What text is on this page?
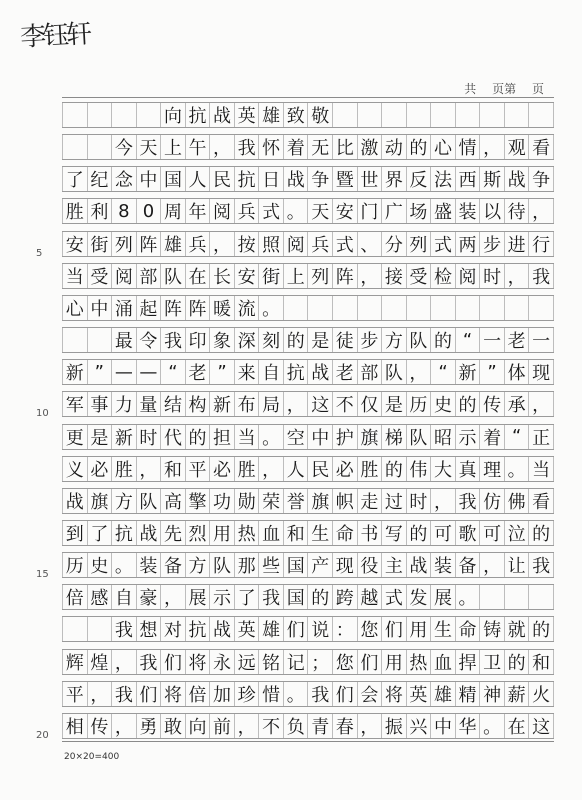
李钰轩
共 页第 页
向 抗 战 英 雄 致 敬
今 天 上 午 ， 我 怀 着 无 比 激 动 的 心 情 ， 观 看
了 纪 念 中 国 人 民 抗 日 战 争 暨 世 界 反 法 西 斯 战 争
胜 利 8 0 周 年 阅 兵 式 。 天 安 门 广 场 盛 装 以 待 ，
安 街 列 阵 雄 兵 ， 按 照 阅 兵 式 、 分 列 式 两 步 进 行
当 受 阅 部 队 在 长 安 街 上 列 阵 ， 接 受 检 阅 时 ， 我
心 中 涌 起 阵 阵 暖 流 。
最 令 我 印 象 深 刻 的 是 徒 步 方 队 的 “ 一 老 一
新 ” — — “ 老 ” 来 自 抗 战 老 部 队 ， “ 新 ” 体 现
军 事 力 量 结 构 新 布 局 ， 这 不 仅 是 历 史 的 传 承 ，
更 是 新 时 代 的 担 当 。 空 中 护 旗 梯 队 昭 示 着 “ 正
义 必 胜 ， 和 平 必 胜 ， 人 民 必 胜 的 伟 大 真 理 。 当
战 旗 方 队 高 擎 功 勋 荣 誉 旗 帜 走 过 时 ， 我 仿 佛 看
到 了 抗 战 先 烈 用 热 血 和 生 命 书 写 的 可 歌 可 泣 的
历 史 。 装 备 方 队 那 些 国 产 现 役 主 战 装 备 ， 让 我
倍 感 自 豪 ， 展 示 了 我 国 的 跨 越 式 发 展 。
我 想 对 抗 战 英 雄 们 说 ： 您 们 用 生 命 铸 就 的
辉 煌 ， 我 们 将 永 远 铭 记 ； 您 们 用 热 血 捍 卫 的 和
平 ， 我 们 将 倍 加 珍 惜 。 我 们 会 将 英 雄 精 神 薪 火
相 传 ， 勇 敢 向 前 ， 不 负 青 春 ， 振 兴 中 华 。 在 这
5
10
15
20
20×20=400
